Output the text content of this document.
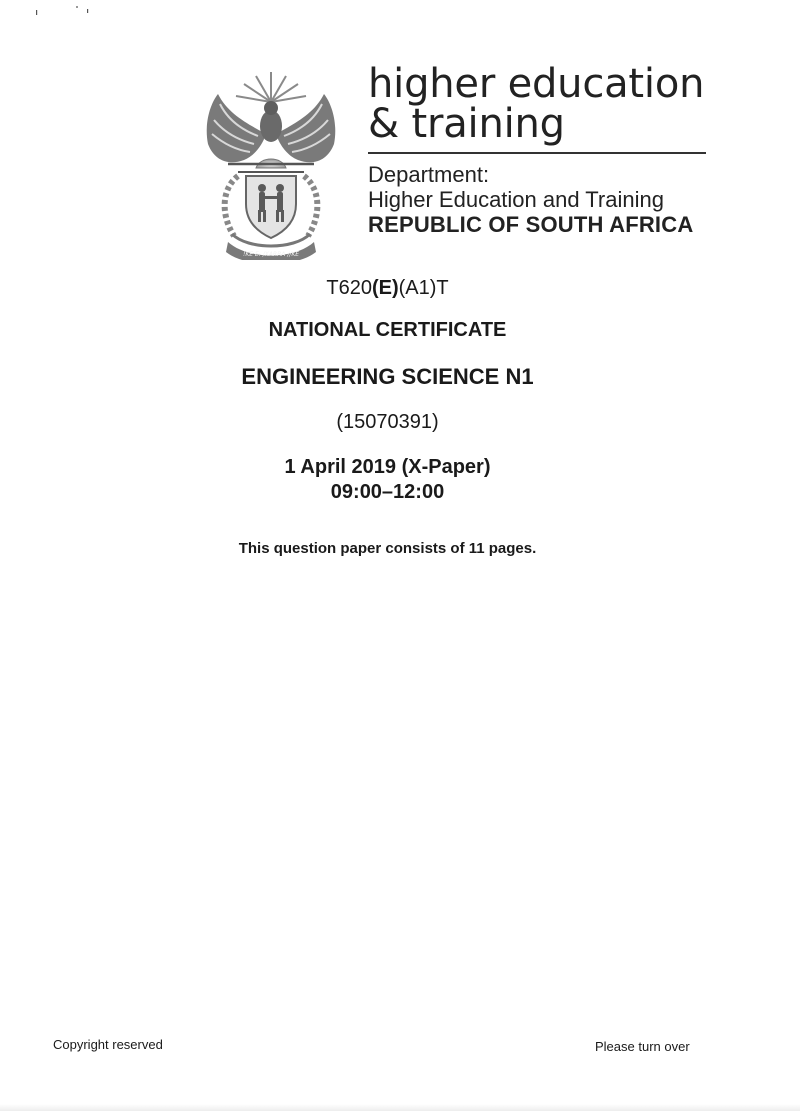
!KE E: /XARRA //KE
higher education
& training
Department:
Higher Education and Training
REPUBLIC OF SOUTH AFRICA
T620(E)(A1)T
NATIONAL CERTIFICATE
ENGINEERING SCIENCE N1
(15070391)
1 April 2019 (X-Paper)
09:00–12:00
This question paper consists of 11 pages.
Copyright reserved	Please turn over
